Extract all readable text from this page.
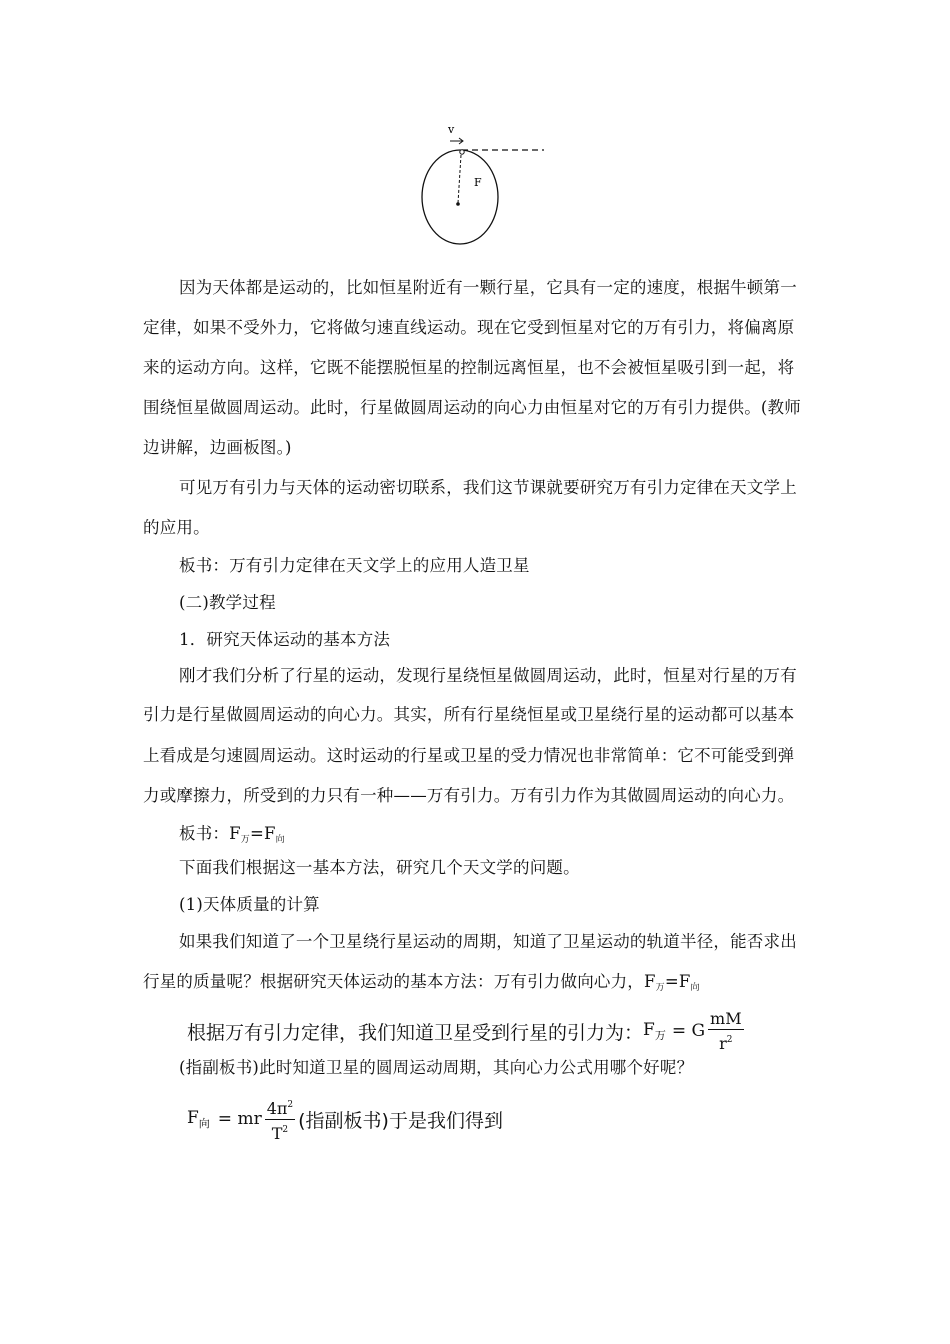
v
F
因为天体都是运动的，比如恒星附近有一颗行星，它具有一定的速度，根据牛顿第一
定律，如果不受外力，它将做匀速直线运动。现在它受到恒星对它的万有引力，将偏离原
来的运动方向。这样，它既不能摆脱恒星的控制远离恒星，也不会被恒星吸引到一起，将
围绕恒星做圆周运动。此时，行星做圆周运动的向心力由恒星对它的万有引力提供。(教师
边讲解，边画板图。)
可见万有引力与天体的运动密切联系，我们这节课就要研究万有引力定律在天文学上
的应用。
板书：万有引力定律在天文学上的应用人造卫星
(二)教学过程
1．研究天体运动的基本方法
刚才我们分析了行星的运动，发现行星绕恒星做圆周运动，此时，恒星对行星的万有
引力是行星做圆周运动的向心力。其实，所有行星绕恒星或卫星绕行星的运动都可以基本
上看成是匀速圆周运动。这时运动的行星或卫星的受力情况也非常简单：它不可能受到弹
力或摩擦力，所受到的力只有一种——万有引力。万有引力作为其做圆周运动的向心力。
板书：$F_万=F_向$
下面我们根据这一基本方法，研究几个天文学的问题。
(1)天体质量的计算
如果我们知道了一个卫星绕行星运动的周期，知道了卫星运动的轨道半径，能否求出
行星的质量呢？根据研究天体运动的基本方法：万有引力做向心力，$F_万=F_向$
根据万有引力定律，我们知道卫星受到行星的引力为： $F_万 = G \frac{mM}{r^2}$
(指副板书)此时知道卫星的圆周运动周期，其向心力公式用哪个好呢？
$F_向$ = mr $\frac{4\pi^2}{T^2}$ (指副板书)于是我们得到
